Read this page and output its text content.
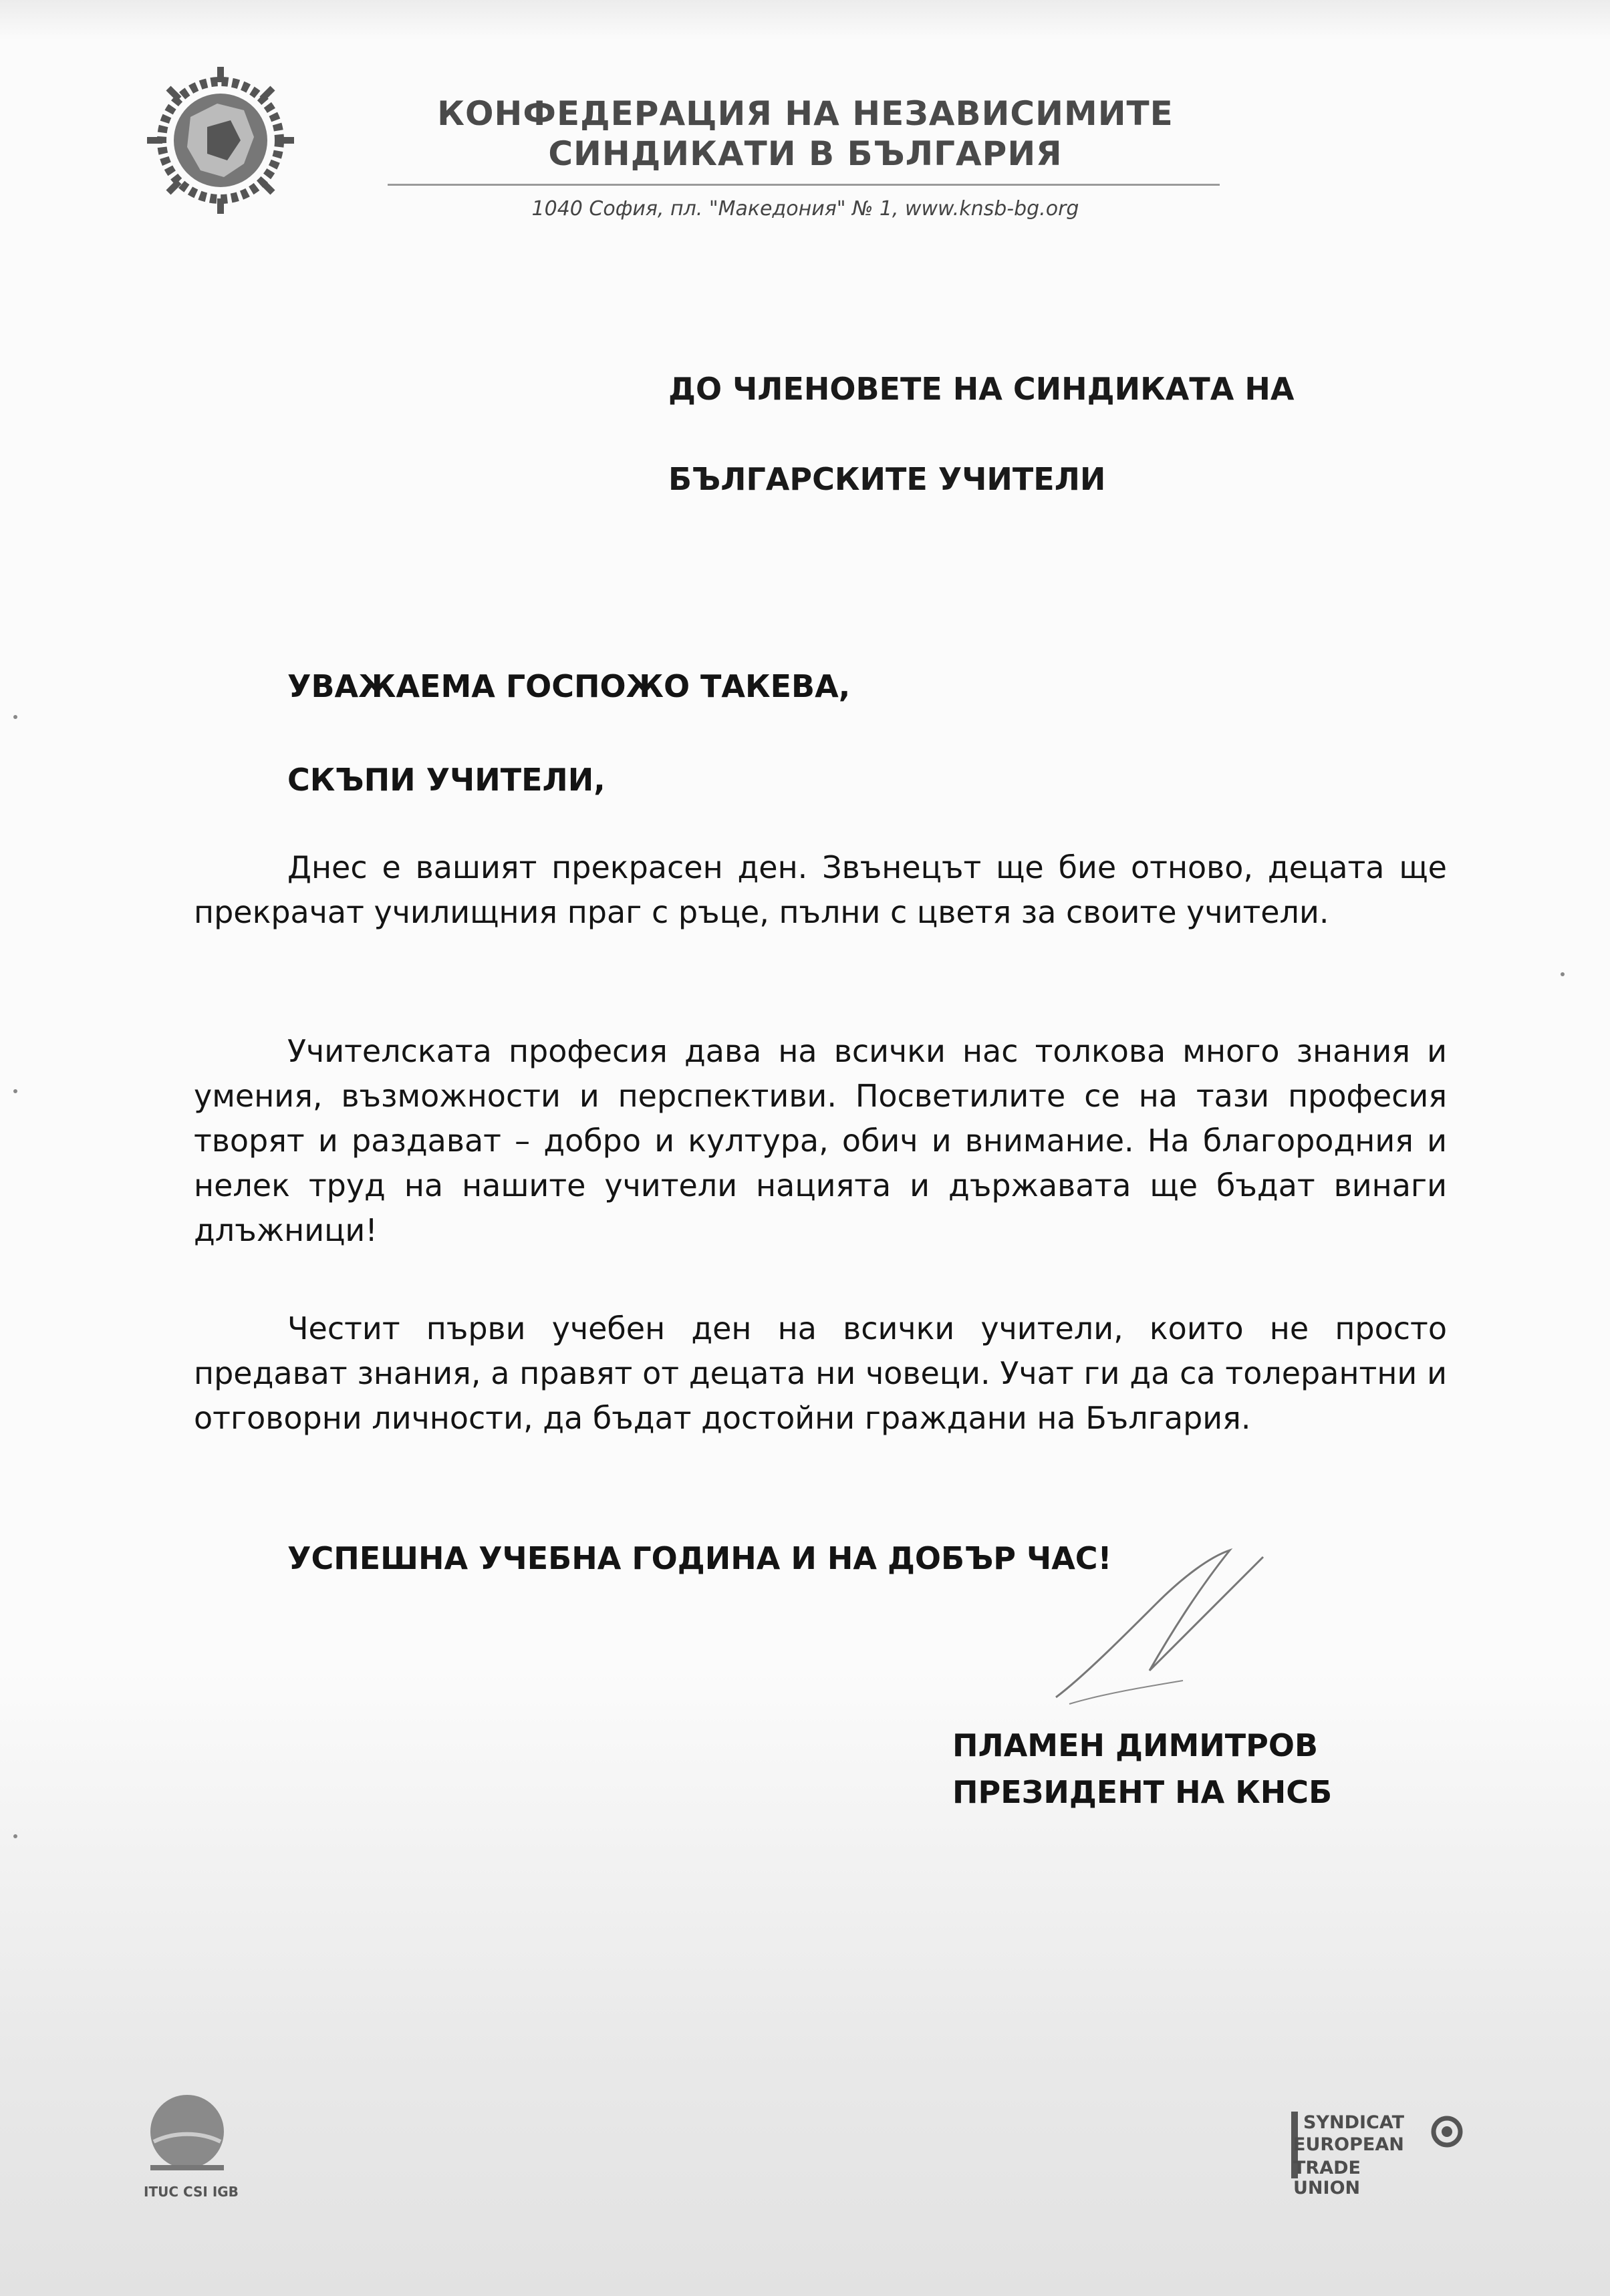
КОНФЕДЕРАЦИЯ НА НЕЗАВИСИМИТЕ
СИНДИКАТИ В БЪЛГАРИЯ
1040 София, пл. "Македония" № 1, www.knsb-bg.org
ДО ЧЛЕНОВЕТЕ НА СИНДИКАТА НА
БЪЛГАРСКИТЕ УЧИТЕЛИ
УВАЖАЕМА ГОСПОЖО ТАКЕВА,
СКЪПИ УЧИТЕЛИ,

Днес е вашият прекрасен ден. Звънецът ще бие отново, децата ще прекрачат училищния праг с ръце, пълни с цветя за своите учители.

Учителската професия дава на всички нас толкова много знания и умения, възможности и перспективи. Посветилите се на тази професия творят и раздават – добро и култура, обич и внимание. На благородния и нелек труд на нашите учители нацията и държавата ще бъдат винаги длъжници!

Честит първи учебен ден на всички учители, които не просто предават знания, а правят от децата ни човеци. Учат ги да са толерантни и отговорни личности, да бъдат достойни граждани на България.

УСПЕШНА УЧЕБНА ГОДИНА И НА ДОБЪР ЧАС!
ПЛАМЕН ДИМИТРОВ
ПРЕЗИДЕНТ НА КНСБ
ITUC CSI IGB
SYNDICAT
EUROPEAN
TRADE UNION
